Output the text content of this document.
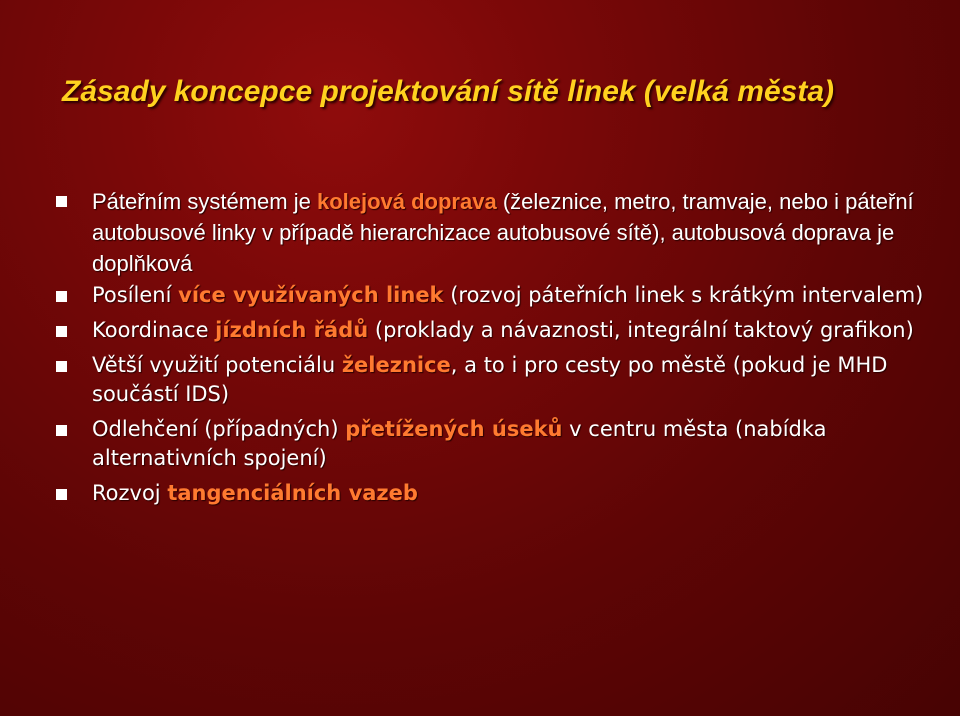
Zásady koncepce projektování sítě linek (velká města)
Páteřním systémem je kolejová doprava (železnice, metro, tramvaje, nebo i páteřní autobusové linky v případě hierarchizace autobusové sítě), autobusová doprava je doplňková
Posílení více využívaných linek (rozvoj páteřních linek s krátkým intervalem)
Koordinace jízdních řádů (proklady a návaznosti, integrální taktový grafikon)
Větší využití potenciálu železnice, a to i pro cesty po městě (pokud je MHD součástí IDS)
Odlehčení (případných) přetížených úseků v centru města (nabídka alternativních spojení)
Rozvoj tangenciálních vazeb
